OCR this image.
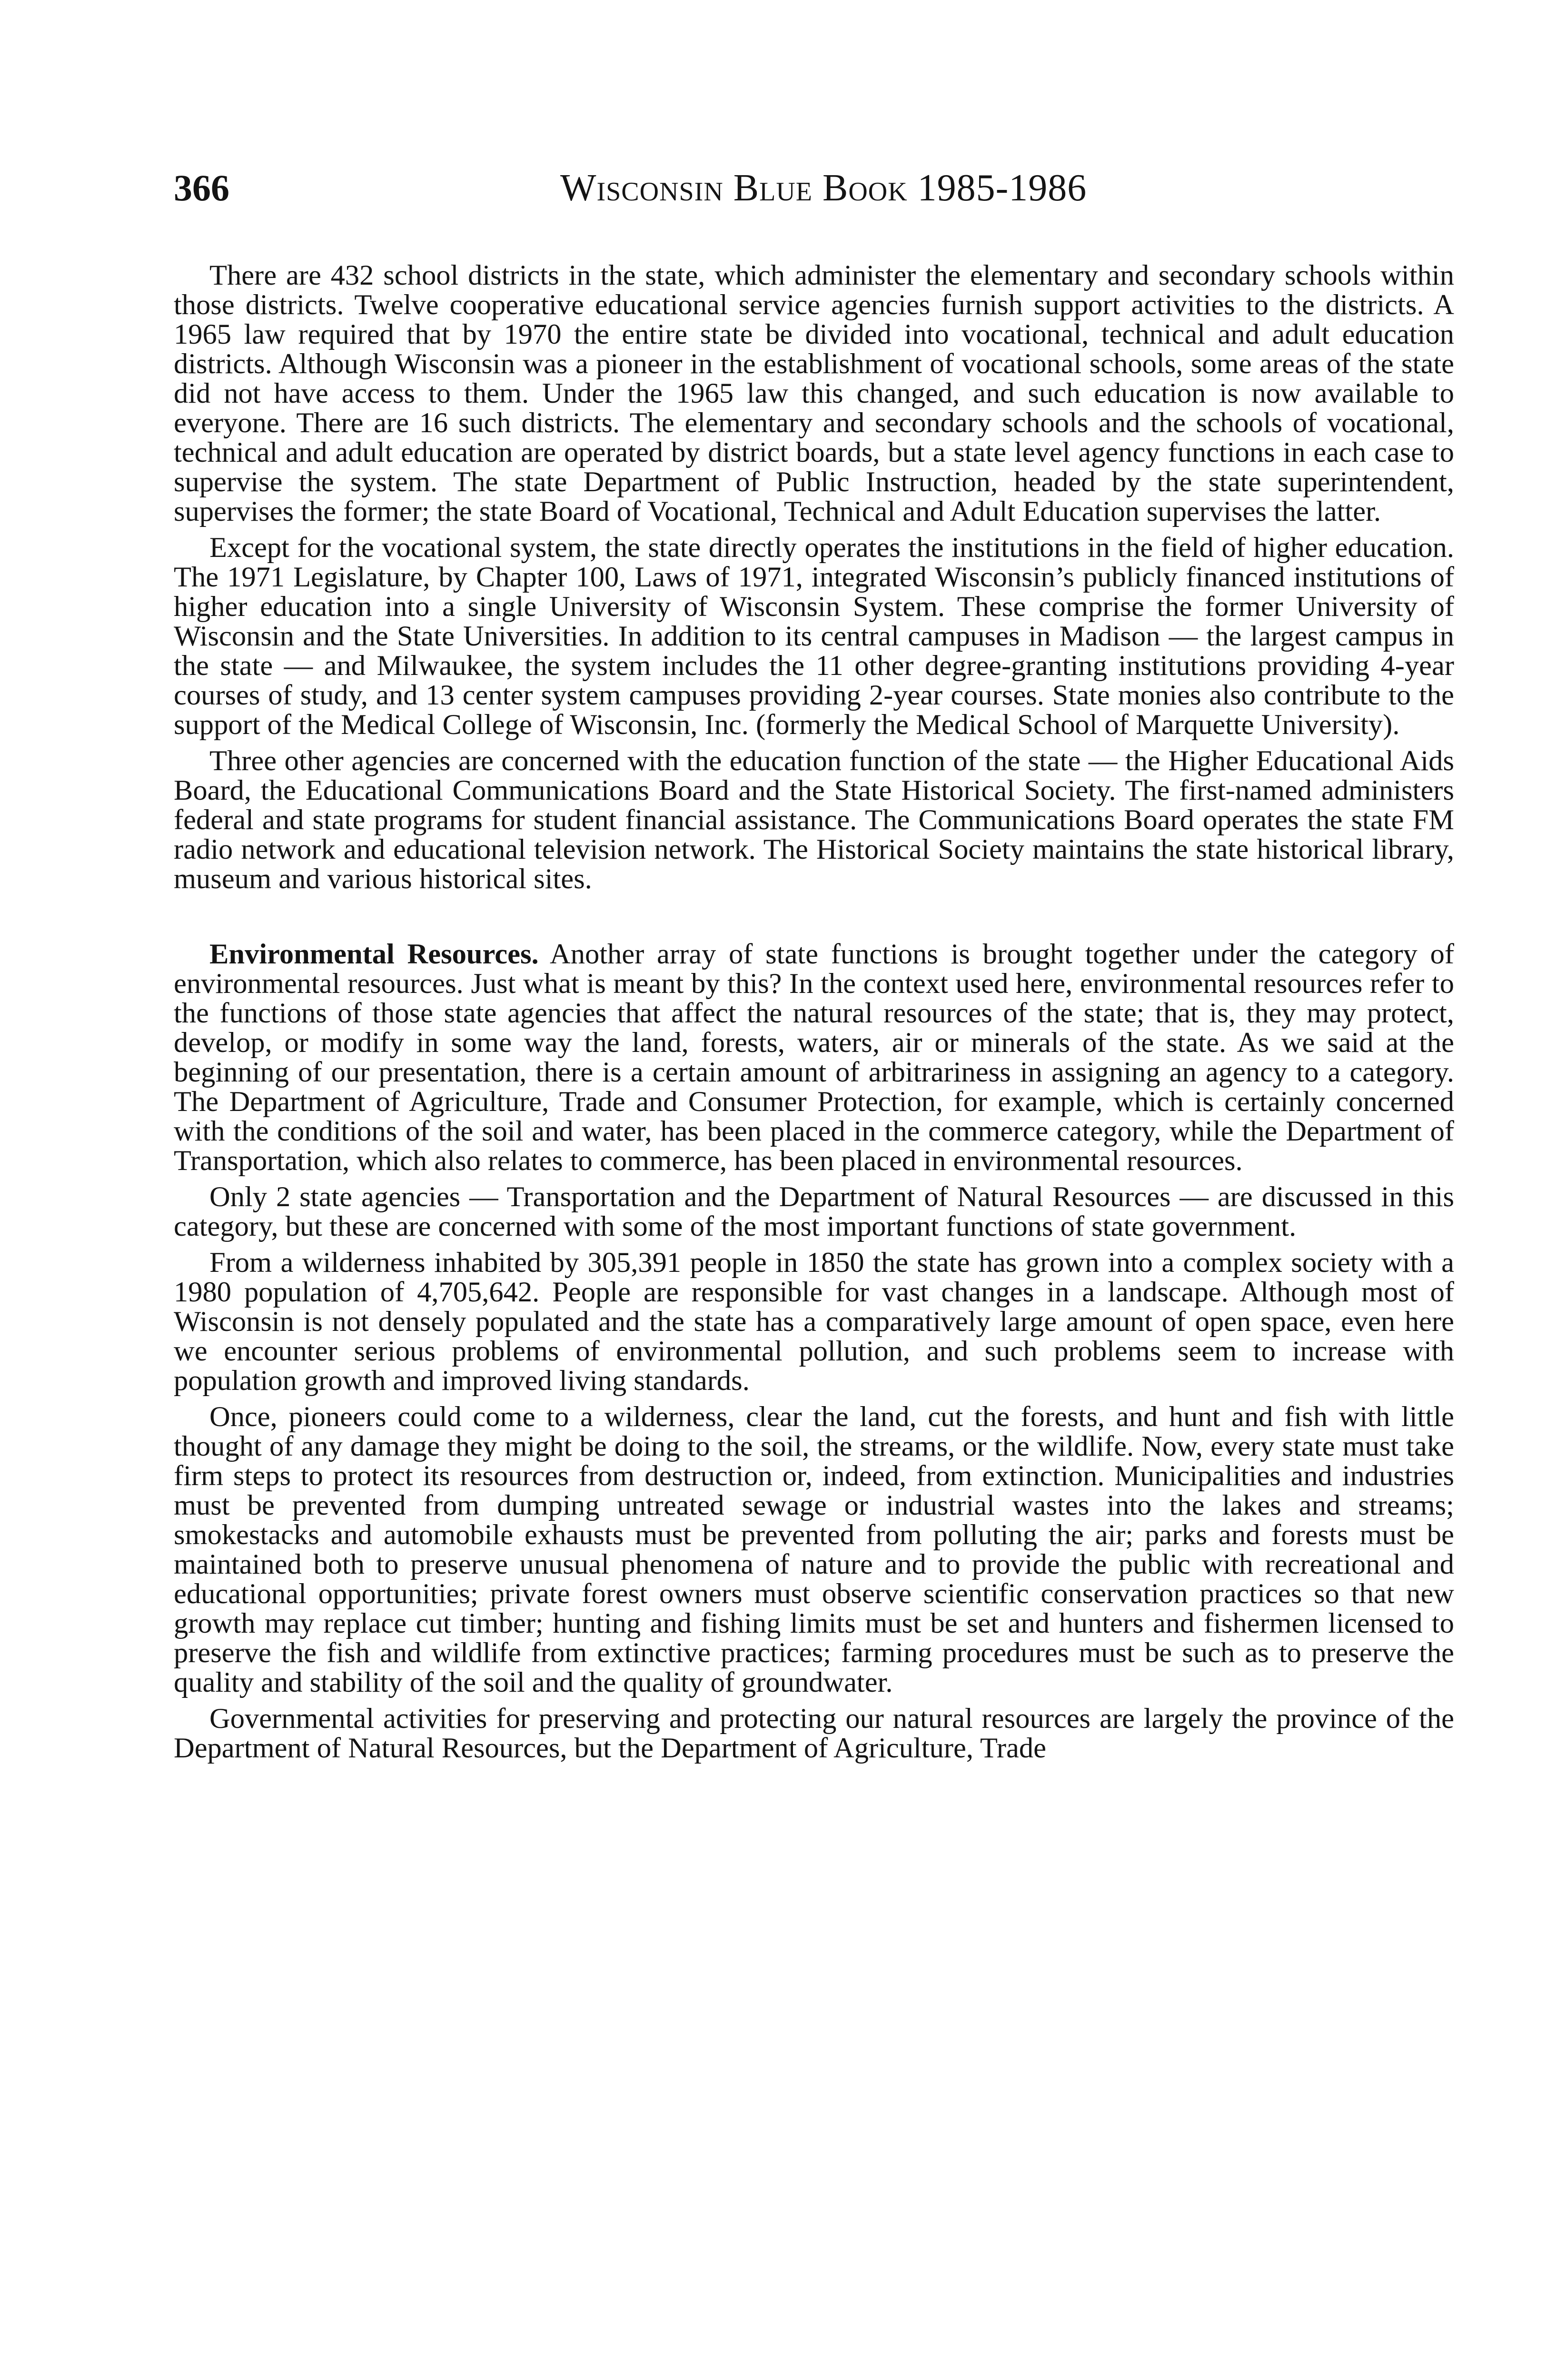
366	Wisconsin Blue Book 1985-1986

There are 432 school districts in the state, which administer the elementary and secondary schools within those districts. Twelve cooperative educational service agencies furnish support activities to the districts. A 1965 law required that by 1970 the entire state be divided into vocational, technical and adult education districts. Although Wisconsin was a pioneer in the establishment of vocational schools, some areas of the state did not have access to them. Under the 1965 law this changed, and such education is now available to everyone. There are 16 such districts. The elementary and secondary schools and the schools of vocational, technical and adult education are operated by district boards, but a state level agency functions in each case to supervise the system. The state Department of Public Instruction, headed by the state superintendent, supervises the former; the state Board of Vocational, Technical and Adult Education supervises the latter.

Except for the vocational system, the state directly operates the institutions in the field of higher education. The 1971 Legislature, by Chapter 100, Laws of 1971, integrated Wisconsin’s publicly financed institutions of higher education into a single University of Wisconsin System. These comprise the former University of Wisconsin and the State Universities. In addition to its central campuses in Madison — the largest campus in the state — and Milwaukee, the system includes the 11 other degree-granting institutions providing 4-year courses of study, and 13 center system campuses providing 2-year courses. State monies also contribute to the support of the Medical College of Wisconsin, Inc. (formerly the Medical School of Marquette University).

Three other agencies are concerned with the education function of the state — the Higher Educational Aids Board, the Educational Communications Board and the State Historical Society. The first-named administers federal and state programs for student financial assistance. The Communications Board operates the state FM radio network and educational television network. The Historical Society maintains the state historical library, museum and various historical sites.

Environmental Resources. Another array of state functions is brought together under the category of environmental resources. Just what is meant by this? In the context used here, environmental resources refer to the functions of those state agencies that affect the natural resources of the state; that is, they may protect, develop, or modify in some way the land, forests, waters, air or minerals of the state. As we said at the beginning of our presentation, there is a certain amount of arbitrariness in assigning an agency to a category. The Department of Agriculture, Trade and Consumer Protection, for example, which is certainly concerned with the conditions of the soil and water, has been placed in the commerce category, while the Department of Transportation, which also relates to commerce, has been placed in environmental resources.

Only 2 state agencies — Transportation and the Department of Natural Resources — are discussed in this category, but these are concerned with some of the most important functions of state government.

From a wilderness inhabited by 305,391 people in 1850 the state has grown into a complex society with a 1980 population of 4,705,642. People are responsible for vast changes in a landscape. Although most of Wisconsin is not densely populated and the state has a comparatively large amount of open space, even here we encounter serious problems of environmental pollution, and such problems seem to increase with population growth and improved living standards.

Once, pioneers could come to a wilderness, clear the land, cut the forests, and hunt and fish with little thought of any damage they might be doing to the soil, the streams, or the wildlife. Now, every state must take firm steps to protect its resources from destruction or, indeed, from extinction. Municipalities and industries must be prevented from dumping untreated sewage or industrial wastes into the lakes and streams; smokestacks and automobile exhausts must be prevented from polluting the air; parks and forests must be maintained both to preserve unusual phenomena of nature and to provide the public with recreational and educational opportunities; private forest owners must observe scientific conservation practices so that new growth may replace cut timber; hunting and fishing limits must be set and hunters and fishermen licensed to preserve the fish and wildlife from extinctive practices; farming procedures must be such as to preserve the quality and stability of the soil and the quality of groundwater.

Governmental activities for preserving and protecting our natural resources are largely the province of the Department of Natural Resources, but the Department of Agriculture, Trade
